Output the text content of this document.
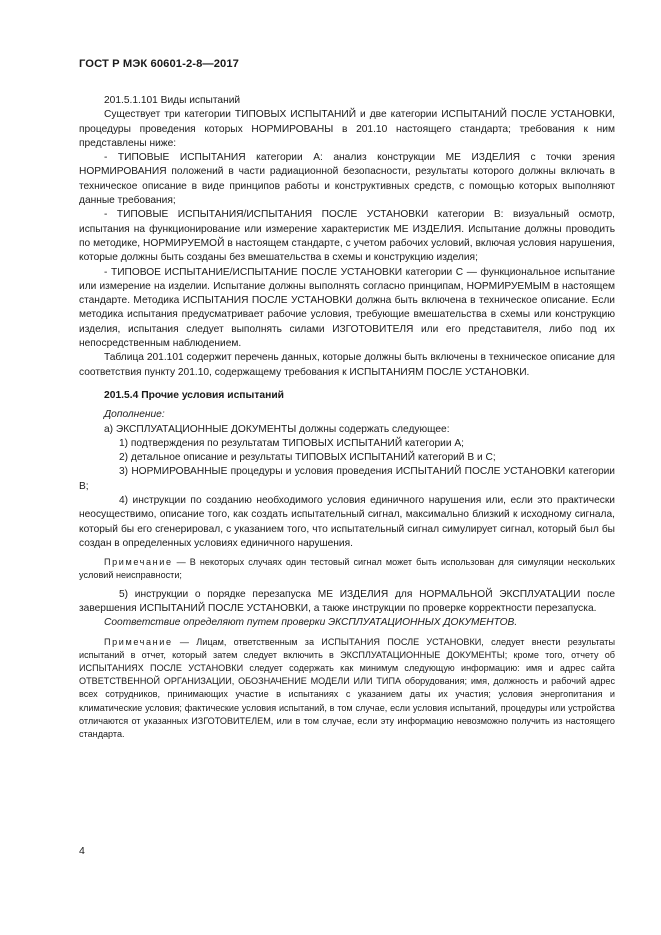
ГОСТ Р МЭК 60601-2-8—2017

201.5.1.101 Виды испытаний

Существует три категории ТИПОВЫХ ИСПЫТАНИЙ и две категории ИСПЫТАНИЙ ПОСЛЕ УСТАНОВКИ, процедуры проведения которых НОРМИРОВАНЫ в 201.10 настоящего стандарта; требования к ним представлены ниже:

- ТИПОВЫЕ ИСПЫТАНИЯ категории А: анализ конструкции МЕ ИЗДЕЛИЯ с точки зрения НОРМИРОВАНИЯ положений в части радиационной безопасности, результаты которого должны включать в техническое описание в виде принципов работы и конструктивных средств, с помощью которых выполняют данные требования;

- ТИПОВЫЕ ИСПЫТАНИЯ/ИСПЫТАНИЯ ПОСЛЕ УСТАНОВКИ категории В: визуальный осмотр, испытания на функционирование или измерение характеристик МЕ ИЗДЕЛИЯ. Испытание должны проводить по методике, НОРМИРУЕМОЙ в настоящем стандарте, с учетом рабочих условий, включая условия нарушения, которые должны быть созданы без вмешательства в схемы и конструкцию изделия;

- ТИПОВОЕ ИСПЫТАНИЕ/ИСПЫТАНИЕ ПОСЛЕ УСТАНОВКИ категории С — функциональное испытание или измерение на изделии. Испытание должны выполнять согласно принципам, НОРМИРУЕМЫМ в настоящем стандарте. Методика ИСПЫТАНИЯ ПОСЛЕ УСТАНОВКИ должна быть включена в техническое описание. Если методика испытания предусматривает рабочие условия, требующие вмешательства в схемы или конструкцию изделия, испытания следует выполнять силами ИЗГОТОВИТЕЛЯ или его представителя, либо под их непосредственным наблюдением.

Таблица 201.101 содержит перечень данных, которые должны быть включены в техническое описание для соответствия пункту 201.10, содержащему требования к ИСПЫТАНИЯМ ПОСЛЕ УСТАНОВКИ.

201.5.4 Прочие условия испытаний

Дополнение:

а) ЭКСПЛУАТАЦИОННЫЕ ДОКУМЕНТЫ должны содержать следующее:

1) подтверждения по результатам ТИПОВЫХ ИСПЫТАНИЙ категории А;

2) детальное описание и результаты ТИПОВЫХ ИСПЫТАНИЙ категорий В и С;

3) НОРМИРОВАННЫЕ процедуры и условия проведения ИСПЫТАНИЙ ПОСЛЕ УСТАНОВКИ категории В;

4) инструкции по созданию необходимого условия единичного нарушения или, если это практически неосуществимо, описание того, как создать испытательный сигнал, максимально близкий к исходному сигнала, который бы его сгенерировал, с указанием того, что испытательный сигнал симулирует сигнал, который был бы создан в определенных условиях единичного нарушения.

Примечание — В некоторых случаях один тестовый сигнал может быть использован для симуляции нескольких условий неисправности;

5) инструкции о порядке перезапуска МЕ ИЗДЕЛИЯ для НОРМАЛЬНОЙ ЭКСПЛУАТАЦИИ после завершения ИСПЫТАНИЙ ПОСЛЕ УСТАНОВКИ, а также инструкции по проверке корректности перезапуска.

Соответствие определяют путем проверки ЭКСПЛУАТАЦИОННЫХ ДОКУМЕНТОВ.

Примечание — Лицам, ответственным за ИСПЫТАНИЯ ПОСЛЕ УСТАНОВКИ, следует внести результаты испытаний в отчет, который затем следует включить в ЭКСПЛУАТАЦИОННЫЕ ДОКУМЕНТЫ; кроме того, отчету об ИСПЫТАНИЯХ ПОСЛЕ УСТАНОВКИ следует содержать как минимум следующую информацию: имя и адрес сайта ОТВЕТСТВЕННОЙ ОРГАНИЗАЦИИ, ОБОЗНАЧЕНИЕ МОДЕЛИ ИЛИ ТИПА оборудования; имя, должность и рабочий адрес всех сотрудников, принимающих участие в испытаниях с указанием даты их участия; условия энергопитания и климатические условия; фактические условия испытаний, в том случае, если условия испытаний, процедуры или устройства отличаются от указанных ИЗГОТОВИТЕЛЕМ, или в том случае, если эту информацию невозможно получить из настоящего стандарта.

4
